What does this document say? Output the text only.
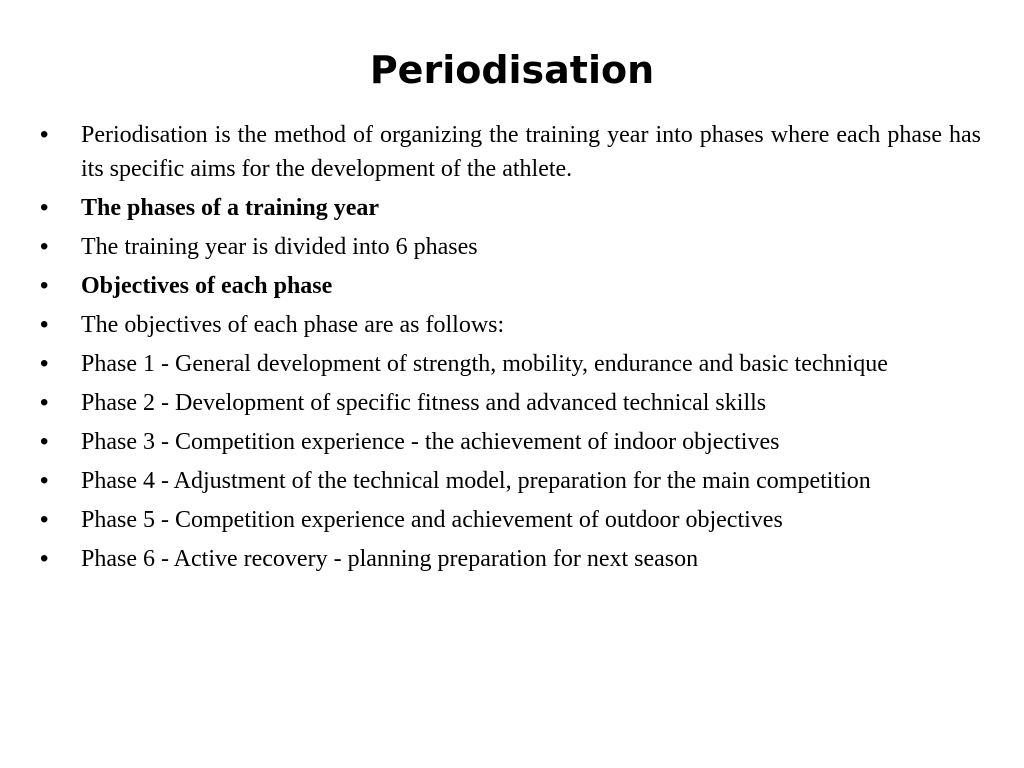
Periodisation
•	Periodisation is the method of organizing the training year into phases where each phase has its specific aims for the development of the athlete.
•	The phases of a training year
•	The training year is divided into 6 phases
•	Objectives of each phase
•	The objectives of each phase are as follows:
•	Phase 1 - General development of strength, mobility, endurance and basic technique
•	Phase 2 - Development of specific fitness and advanced technical skills
•	Phase 3 - Competition experience - the achievement of indoor objectives
•	Phase 4 - Adjustment of the technical model, preparation for the main competition
•	Phase 5 - Competition experience and achievement of outdoor objectives
•	Phase 6 - Active recovery - planning preparation for next season
